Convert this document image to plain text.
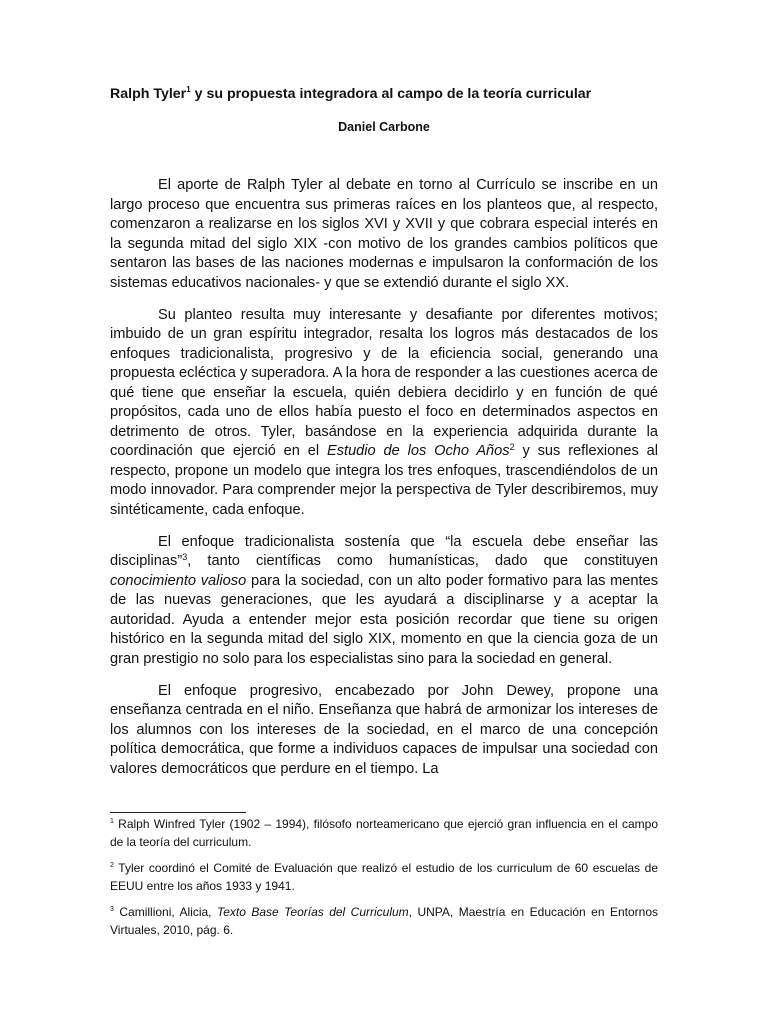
Ralph Tyler$^1$ y su propuesta integradora al campo de la teoría curricular
Daniel Carbone

El aporte de Ralph Tyler al debate en torno al Currículo se inscribe en un largo proceso que encuentra sus primeras raíces en los planteos que, al respecto, comenzaron a realizarse en los siglos XVI y XVII y que cobrara especial interés en la segunda mitad del siglo XIX -con motivo de los grandes cambios políticos que sentaron las bases de las naciones modernas e impulsaron la conformación de los sistemas educativos nacionales- y que se extendió durante el siglo XX.

Su planteo resulta muy interesante y desafiante por diferentes motivos; imbuido de un gran espíritu integrador, resalta los logros más destacados de los enfoques tradicionalista, progresivo y de la eficiencia social, generando una propuesta ecléctica y superadora. A la hora de responder a las cuestiones acerca de qué tiene que enseñar la escuela, quién debiera decidirlo y en función de qué propósitos, cada uno de ellos había puesto el foco en determinados aspectos en detrimento de otros. Tyler, basándose en la experiencia adquirida durante la coordinación que ejerció en el Estudio de los Ocho Años$^2$ y sus reflexiones al respecto, propone un modelo que integra los tres enfoques, trascendiéndolos de un modo innovador. Para comprender mejor la perspectiva de Tyler describiremos, muy sintéticamente, cada enfoque.

El enfoque tradicionalista sostenía que “la escuela debe enseñar las disciplinas”$^3$, tanto científicas como humanísticas, dado que constituyen conocimiento valioso para la sociedad, con un alto poder formativo para las mentes de las nuevas generaciones, que les ayudará a disciplinarse y a aceptar la autoridad. Ayuda a entender mejor esta posición recordar que tiene su origen histórico en la segunda mitad del siglo XIX, momento en que la ciencia goza de un gran prestigio no solo para los especialistas sino para la sociedad en general.

El enfoque progresivo, encabezado por John Dewey, propone una enseñanza centrada en el niño. Enseñanza que habrá de armonizar los intereses de los alumnos con los intereses de la sociedad, en el marco de una concepción política democrática, que forme a individuos capaces de impulsar una sociedad con valores democráticos que perdure en el tiempo. La

$^1$ Ralph Winfred Tyler (1902 – 1994), filósofo norteamericano que ejerció gran influencia en el campo de la teoría del curriculum.

$^2$ Tyler coordinó el Comité de Evaluación que realizó el estudio de los curriculum de 60 escuelas de EEUU entre los años 1933 y 1941.

$^3$ Camillioni, Alicia, Texto Base Teorías del Curriculum, UNPA, Maestría en Educación en Entornos Virtuales, 2010, pág. 6.
